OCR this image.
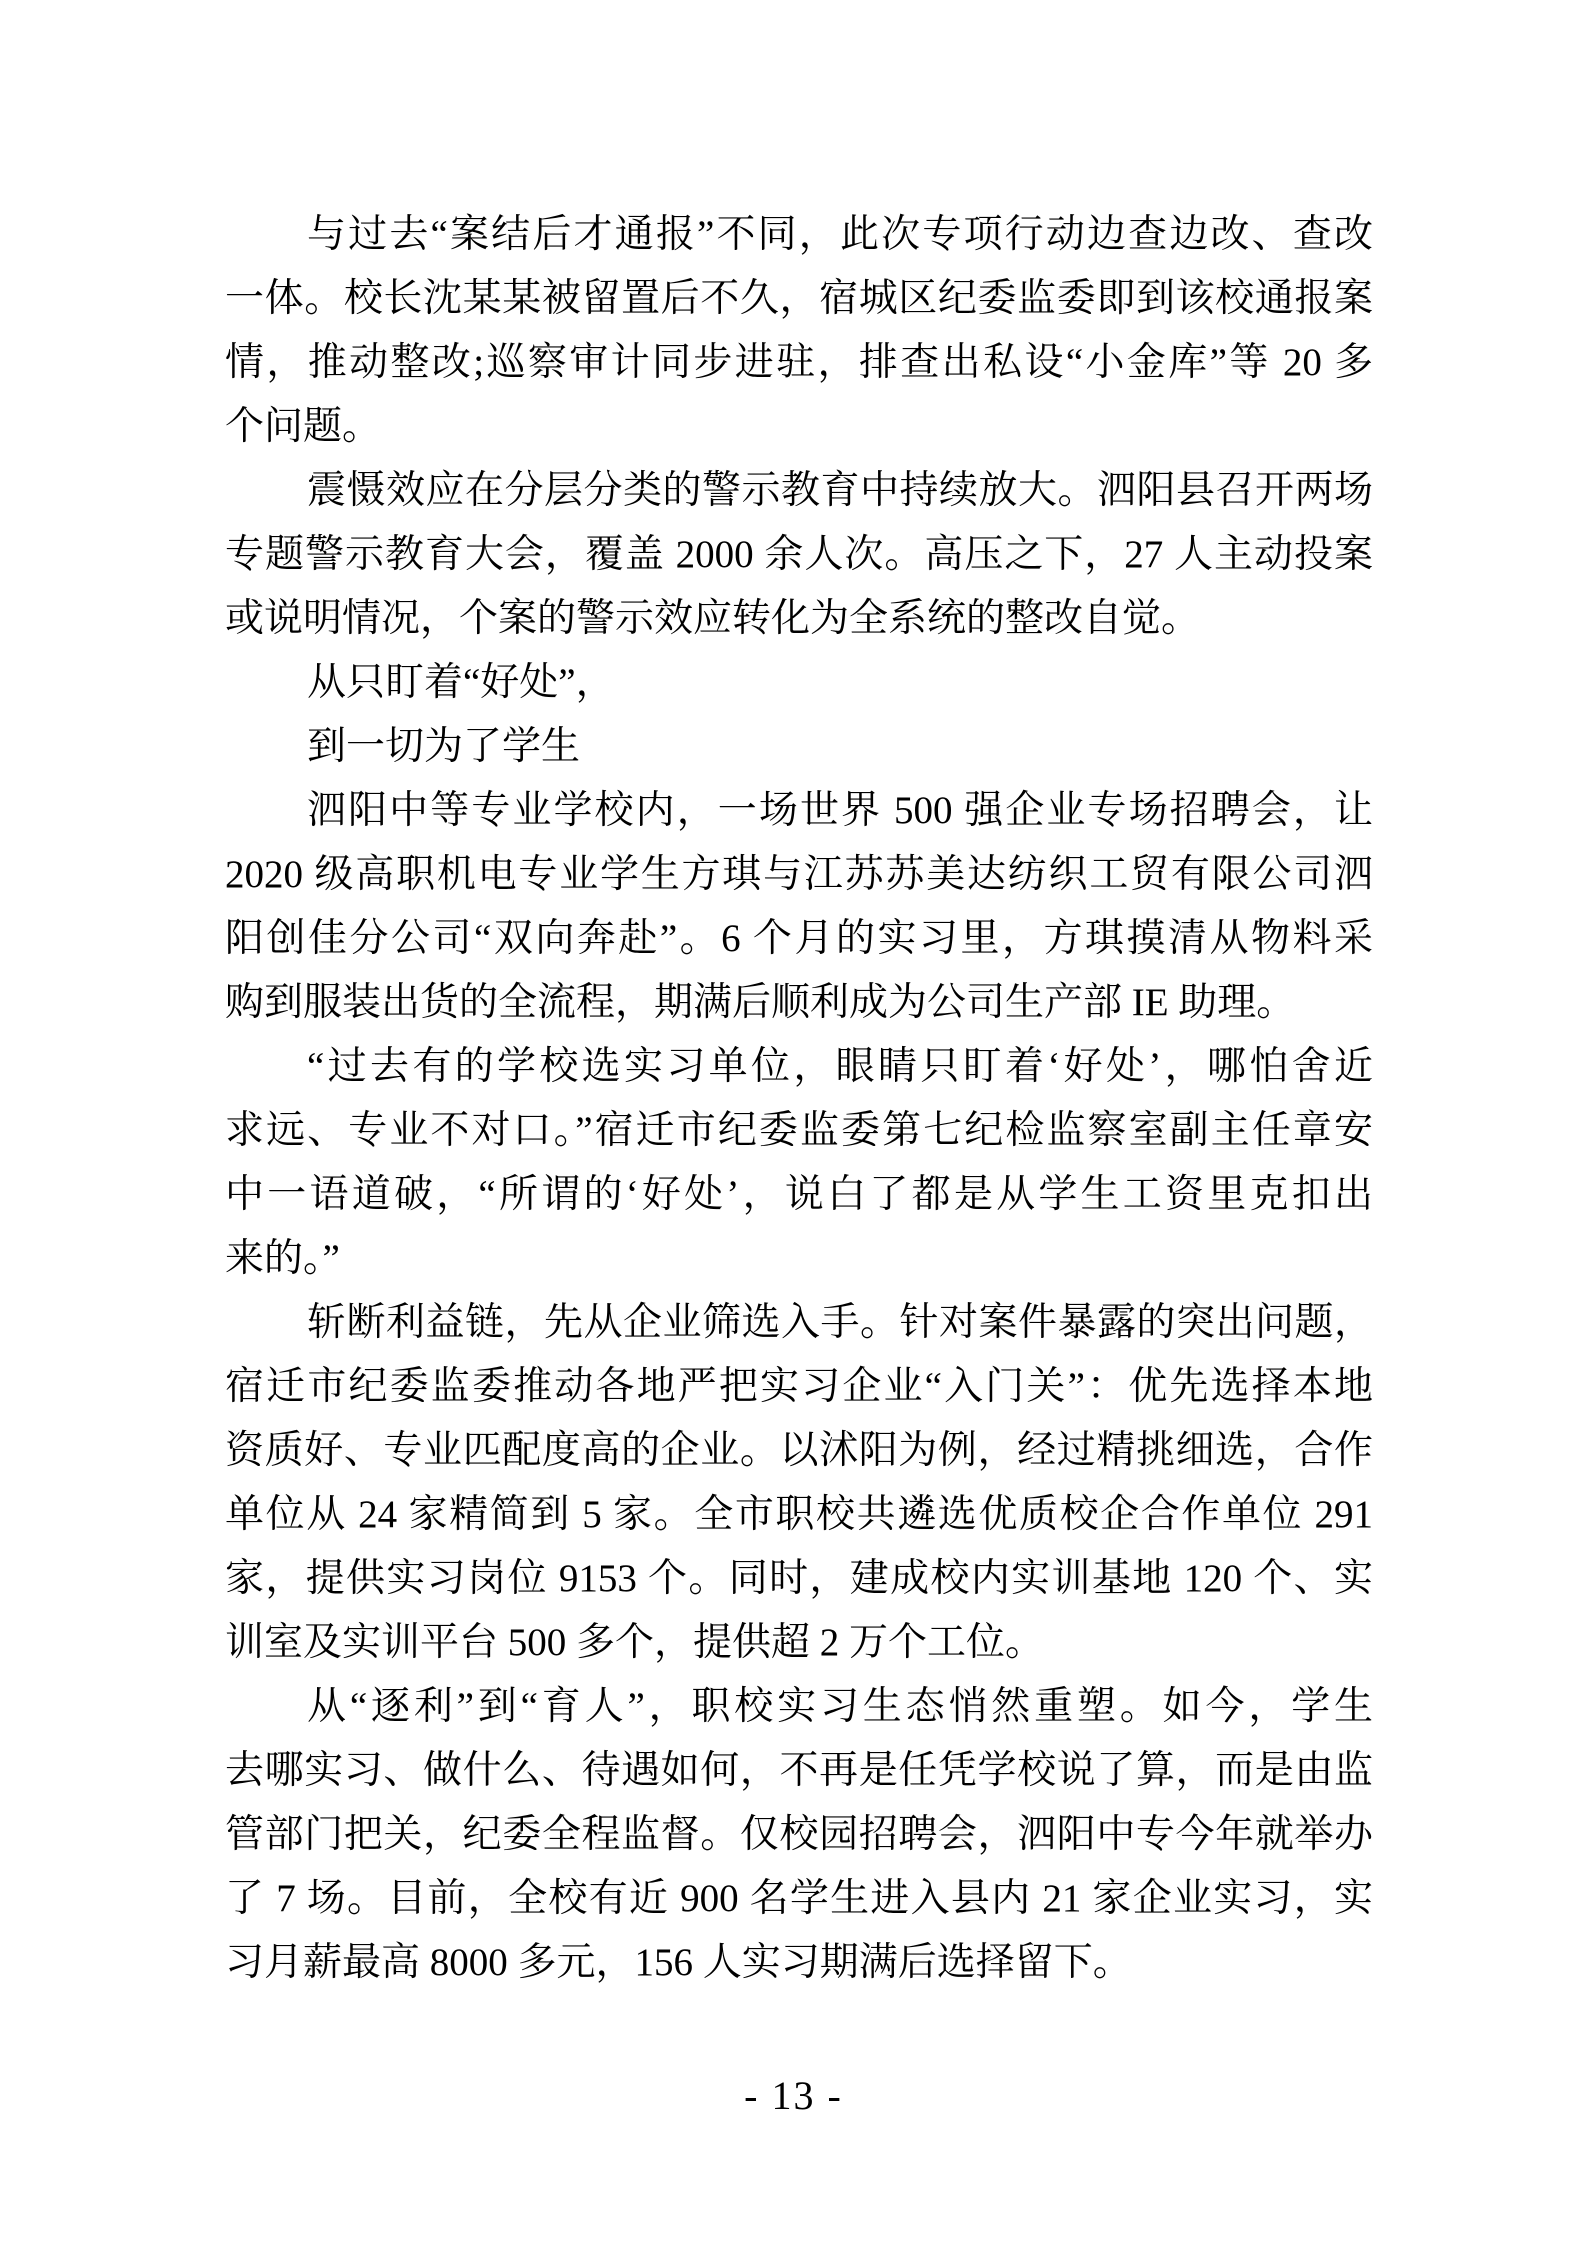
与过去“案结后才通报”不同，此次专项行动边查边改、查改
一体。校长沈某某被留置后不久，宿城区纪委监委即到该校通报案
情，推动整改;巡察审计同步进驻，排查出私设“小金库”等 20 多
个问题。
震慑效应在分层分类的警示教育中持续放大。泗阳县召开两场
专题警示教育大会，覆盖 2000 余人次。高压之下，27 人主动投案
或说明情况，个案的警示效应转化为全系统的整改自觉。
从只盯着“好处”，
到一切为了学生
泗阳中等专业学校内，一场世界 500 强企业专场招聘会，让
2020 级高职机电专业学生方琪与江苏苏美达纺织工贸有限公司泗
阳创佳分公司“双向奔赴”。6 个月的实习里，方琪摸清从物料采
购到服装出货的全流程，期满后顺利成为公司生产部 IE 助理。
“过去有的学校选实习单位，眼睛只盯着‘好处’，哪怕舍近
求远、专业不对口。”宿迁市纪委监委第七纪检监察室副主任章安
中一语道破，“所谓的‘好处’，说白了都是从学生工资里克扣出
来的。”
斩断利益链，先从企业筛选入手。针对案件暴露的突出问题，
宿迁市纪委监委推动各地严把实习企业“入门关”：优先选择本地
资质好、专业匹配度高的企业。以沭阳为例，经过精挑细选，合作
单位从 24 家精简到 5 家。全市职校共遴选优质校企合作单位 291
家，提供实习岗位 9153 个。同时，建成校内实训基地 120 个、实
训室及实训平台 500 多个，提供超 2 万个工位。
从“逐利”到“育人”，职校实习生态悄然重塑。如今，学生
去哪实习、做什么、待遇如何，不再是任凭学校说了算，而是由监
管部门把关，纪委全程监督。仅校园招聘会，泗阳中专今年就举办
了 7 场。目前，全校有近 900 名学生进入县内 21 家企业实习，实
习月薪最高 8000 多元，156 人实习期满后选择留下。
- 13 -
